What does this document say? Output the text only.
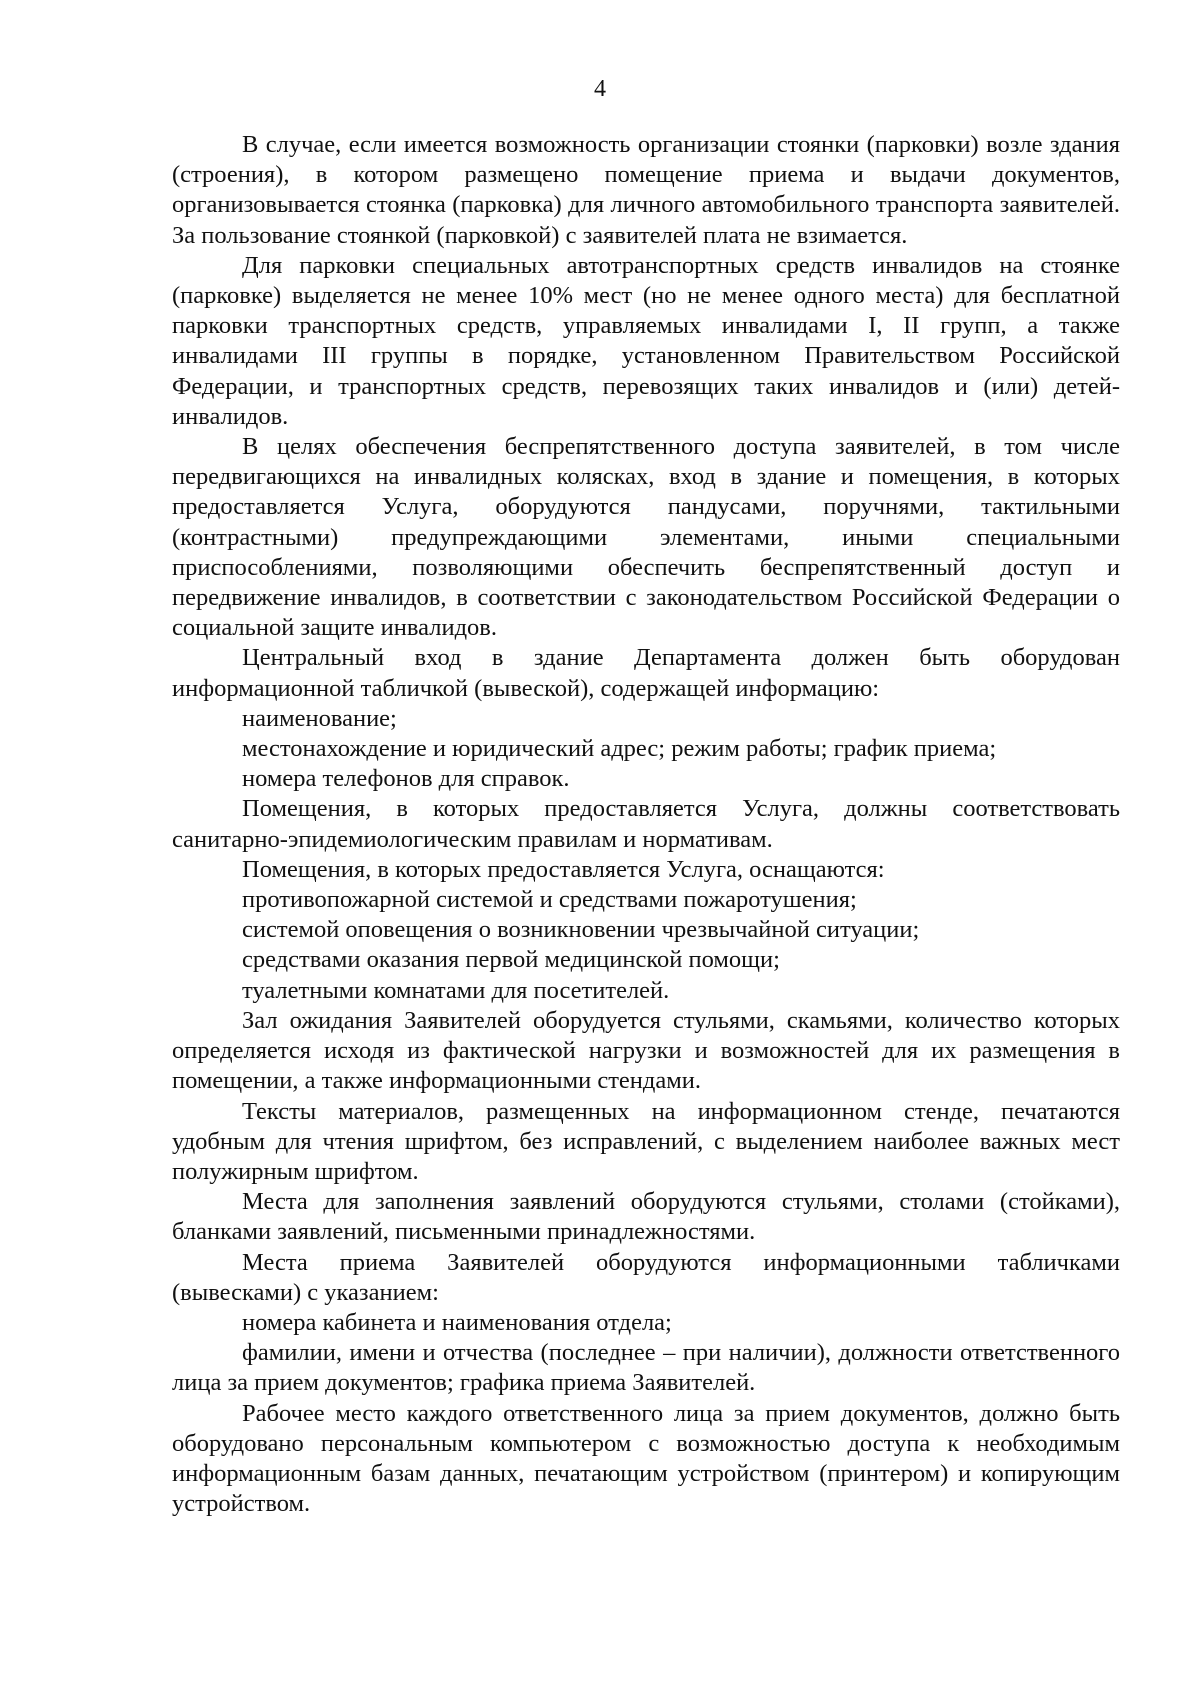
4

В случае, если имеется возможность организации стоянки (парковки) возле здания (строения), в котором размещено помещение приема и выдачи документов, организовывается стоянка (парковка) для личного автомобильного транспорта заявителей. За пользование стоянкой (парковкой) с заявителей плата не взимается.

Для парковки специальных автотранспортных средств инвалидов на стоянке (парковке) выделяется не менее 10% мест (но не менее одного места) для бесплатной парковки транспортных средств, управляемых инвалидами I, II групп, а также инвалидами III группы в порядке, установленном Правительством Российской Федерации, и транспортных средств, перевозящих таких инвалидов и (или) детей-инвалидов.

В целях обеспечения беспрепятственного доступа заявителей, в том числе передвигающихся на инвалидных колясках, вход в здание и помещения, в которых предоставляется Услуга, оборудуются пандусами, поручнями, тактильными (контрастными) предупреждающими элементами, иными специальными приспособлениями, позволяющими обеспечить беспрепятственный доступ и передвижение инвалидов, в соответствии с законодательством Российской Федерации о социальной защите инвалидов.

Центральный вход в здание Департамента должен быть оборудован информационной табличкой (вывеской), содержащей информацию:

наименование;

местонахождение и юридический адрес; режим работы; график приема;

номера телефонов для справок.

Помещения, в которых предоставляется Услуга, должны соответствовать санитарно-эпидемиологическим правилам и нормативам.

Помещения, в которых предоставляется Услуга, оснащаются:

противопожарной системой и средствами пожаротушения;

системой оповещения о возникновении чрезвычайной ситуации;

средствами оказания первой медицинской помощи;

туалетными комнатами для посетителей.

Зал ожидания Заявителей оборудуется стульями, скамьями, количество которых определяется исходя из фактической нагрузки и возможностей для их размещения в помещении, а также информационными стендами.

Тексты материалов, размещенных на информационном стенде, печатаются удобным для чтения шрифтом, без исправлений, с выделением наиболее важных мест полужирным шрифтом.

Места для заполнения заявлений оборудуются стульями, столами (стойками), бланками заявлений, письменными принадлежностями.

Места приема Заявителей оборудуются информационными табличками (вывесками) с указанием:

номера кабинета и наименования отдела;

фамилии, имени и отчества (последнее – при наличии), должности ответственного лица за прием документов; графика приема Заявителей.

Рабочее место каждого ответственного лица за прием документов, должно быть оборудовано персональным компьютером с возможностью доступа к необходимым информационным базам данных, печатающим устройством (принтером) и копирующим устройством.
